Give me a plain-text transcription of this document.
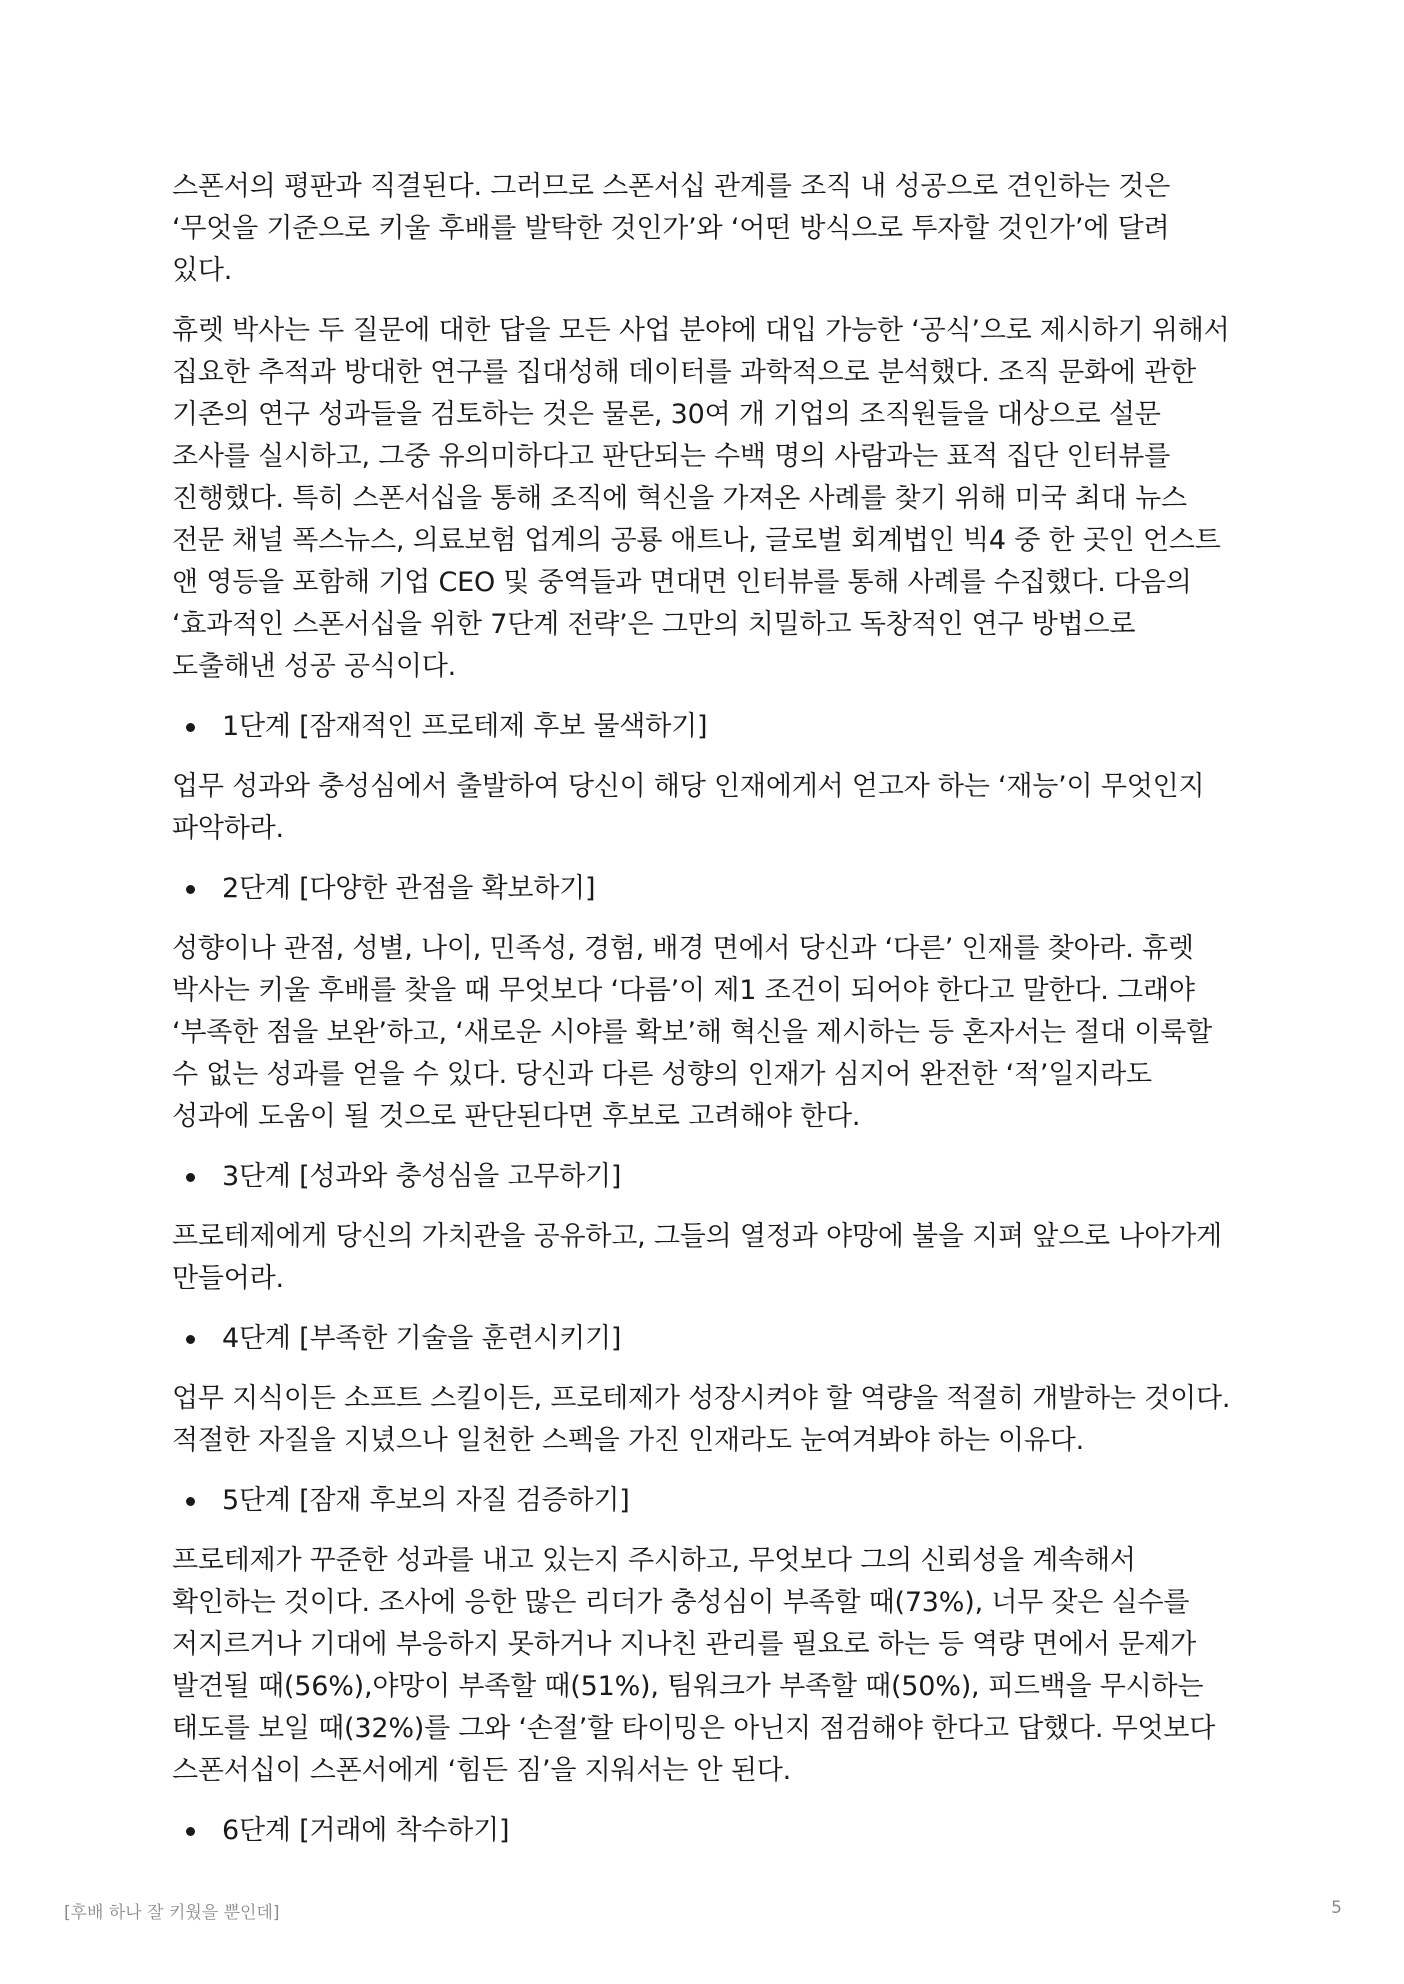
스폰서의 평판과 직결된다. 그러므로 스폰서십 관계를 조직 내 성공으로 견인하는 것은 ‘무엇을 기준으로 키울 후배를 발탁한 것인가’와 ‘어떤 방식으로 투자할 것인가’에 달려 있다.

휴렛 박사는 두 질문에 대한 답을 모든 사업 분야에 대입 가능한 ‘공식’으로 제시하기 위해서 집요한 추적과 방대한 연구를 집대성해 데이터를 과학적으로 분석했다. 조직 문화에 관한 기존의 연구 성과들을 검토하는 것은 물론, 30여 개 기업의 조직원들을 대상으로 설문 조사를 실시하고, 그중 유의미하다고 판단되는 수백 명의 사람과는 표적 집단 인터뷰를 진행했다. 특히 스폰서십을 통해 조직에 혁신을 가져온 사례를 찾기 위해 미국 최대 뉴스 전문 채널 폭스뉴스, 의료보험 업계의 공룡 애트나, 글로벌 회계법인 빅4 중 한 곳인 언스트 앤 영등을 포함해 기업 CEO 및 중역들과 면대면 인터뷰를 통해 사례를 수집했다. 다음의 ‘효과적인 스폰서십을 위한 7단계 전략’은 그만의 치밀하고 독창적인 연구 방법으로 도출해낸 성공 공식이다.

1단계 [잠재적인 프로테제 후보 물색하기]

업무 성과와 충성심에서 출발하여 당신이 해당 인재에게서 얻고자 하는 ‘재능’이 무엇인지 파악하라.

2단계 [다양한 관점을 확보하기]

성향이나 관점, 성별, 나이, 민족성, 경험, 배경 면에서 당신과 ‘다른’ 인재를 찾아라. 휴렛 박사는 키울 후배를 찾을 때 무엇보다 ‘다름’이 제1 조건이 되어야 한다고 말한다. 그래야 ‘부족한 점을 보완’하고, ‘새로운 시야를 확보’해 혁신을 제시하는 등 혼자서는 절대 이룩할 수 없는 성과를 얻을 수 있다. 당신과 다른 성향의 인재가 심지어 완전한 ‘적’일지라도 성과에 도움이 될 것으로 판단된다면 후보로 고려해야 한다.

3단계 [성과와 충성심을 고무하기]

프로테제에게 당신의 가치관을 공유하고, 그들의 열정과 야망에 불을 지펴 앞으로 나아가게 만들어라.

4단계 [부족한 기술을 훈련시키기]

업무 지식이든 소프트 스킬이든, 프로테제가 성장시켜야 할 역량을 적절히 개발하는 것이다. 적절한 자질을 지녔으나 일천한 스펙을 가진 인재라도 눈여겨봐야 하는 이유다.

5단계 [잠재 후보의 자질 검증하기]

프로테제가 꾸준한 성과를 내고 있는지 주시하고, 무엇보다 그의 신뢰성을 계속해서 확인하는 것이다. 조사에 응한 많은 리더가 충성심이 부족할 때(73%), 너무 잦은 실수를 저지르거나 기대에 부응하지 못하거나 지나친 관리를 필요로 하는 등 역량 면에서 문제가 발견될 때(56%),야망이 부족할 때(51%), 팀워크가 부족할 때(50%), 피드백을 무시하는 태도를 보일 때(32%)를 그와 ‘손절’할 타이밍은 아닌지 점검해야 한다고 답했다. 무엇보다 스폰서십이 스폰서에게 ‘힘든 짐’을 지워서는 안 된다.

6단계 [거래에 착수하기]
[후배 하나 잘 키웠을 뿐인데]	5
